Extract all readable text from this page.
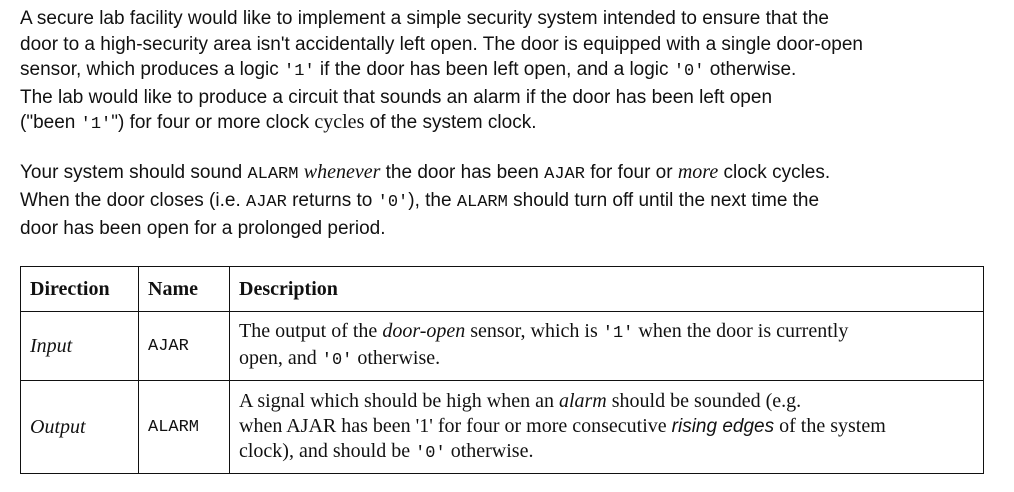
A secure lab facility would like to implement a simple security system intended to ensure that the
door to a high-security area isn't accidentally left open. The door is equipped with a single door-open
sensor, which produces a logic '1' if the door has been left open, and a logic '0' otherwise.
The lab would like to produce a circuit that sounds an alarm if the door has been left open
("been '1'") for four or more clock cycles of the system clock.
Your system should sound ALARM whenever the door has been AJAR for four or more clock cycles.
When the door closes (i.e. AJAR returns to '0'), the ALARM should turn off until the next time the
door has been open for a prolonged period.
Direction	Name	Description
Input	AJAR	The output of the door-open sensor, which is '1' when the door is currently
open, and '0' otherwise.
Output	ALARM	A signal which should be high when an alarm should be sounded (e.g.
when AJAR has been '1' for four or more consecutive rising edges of the system
clock), and should be '0' otherwise.
